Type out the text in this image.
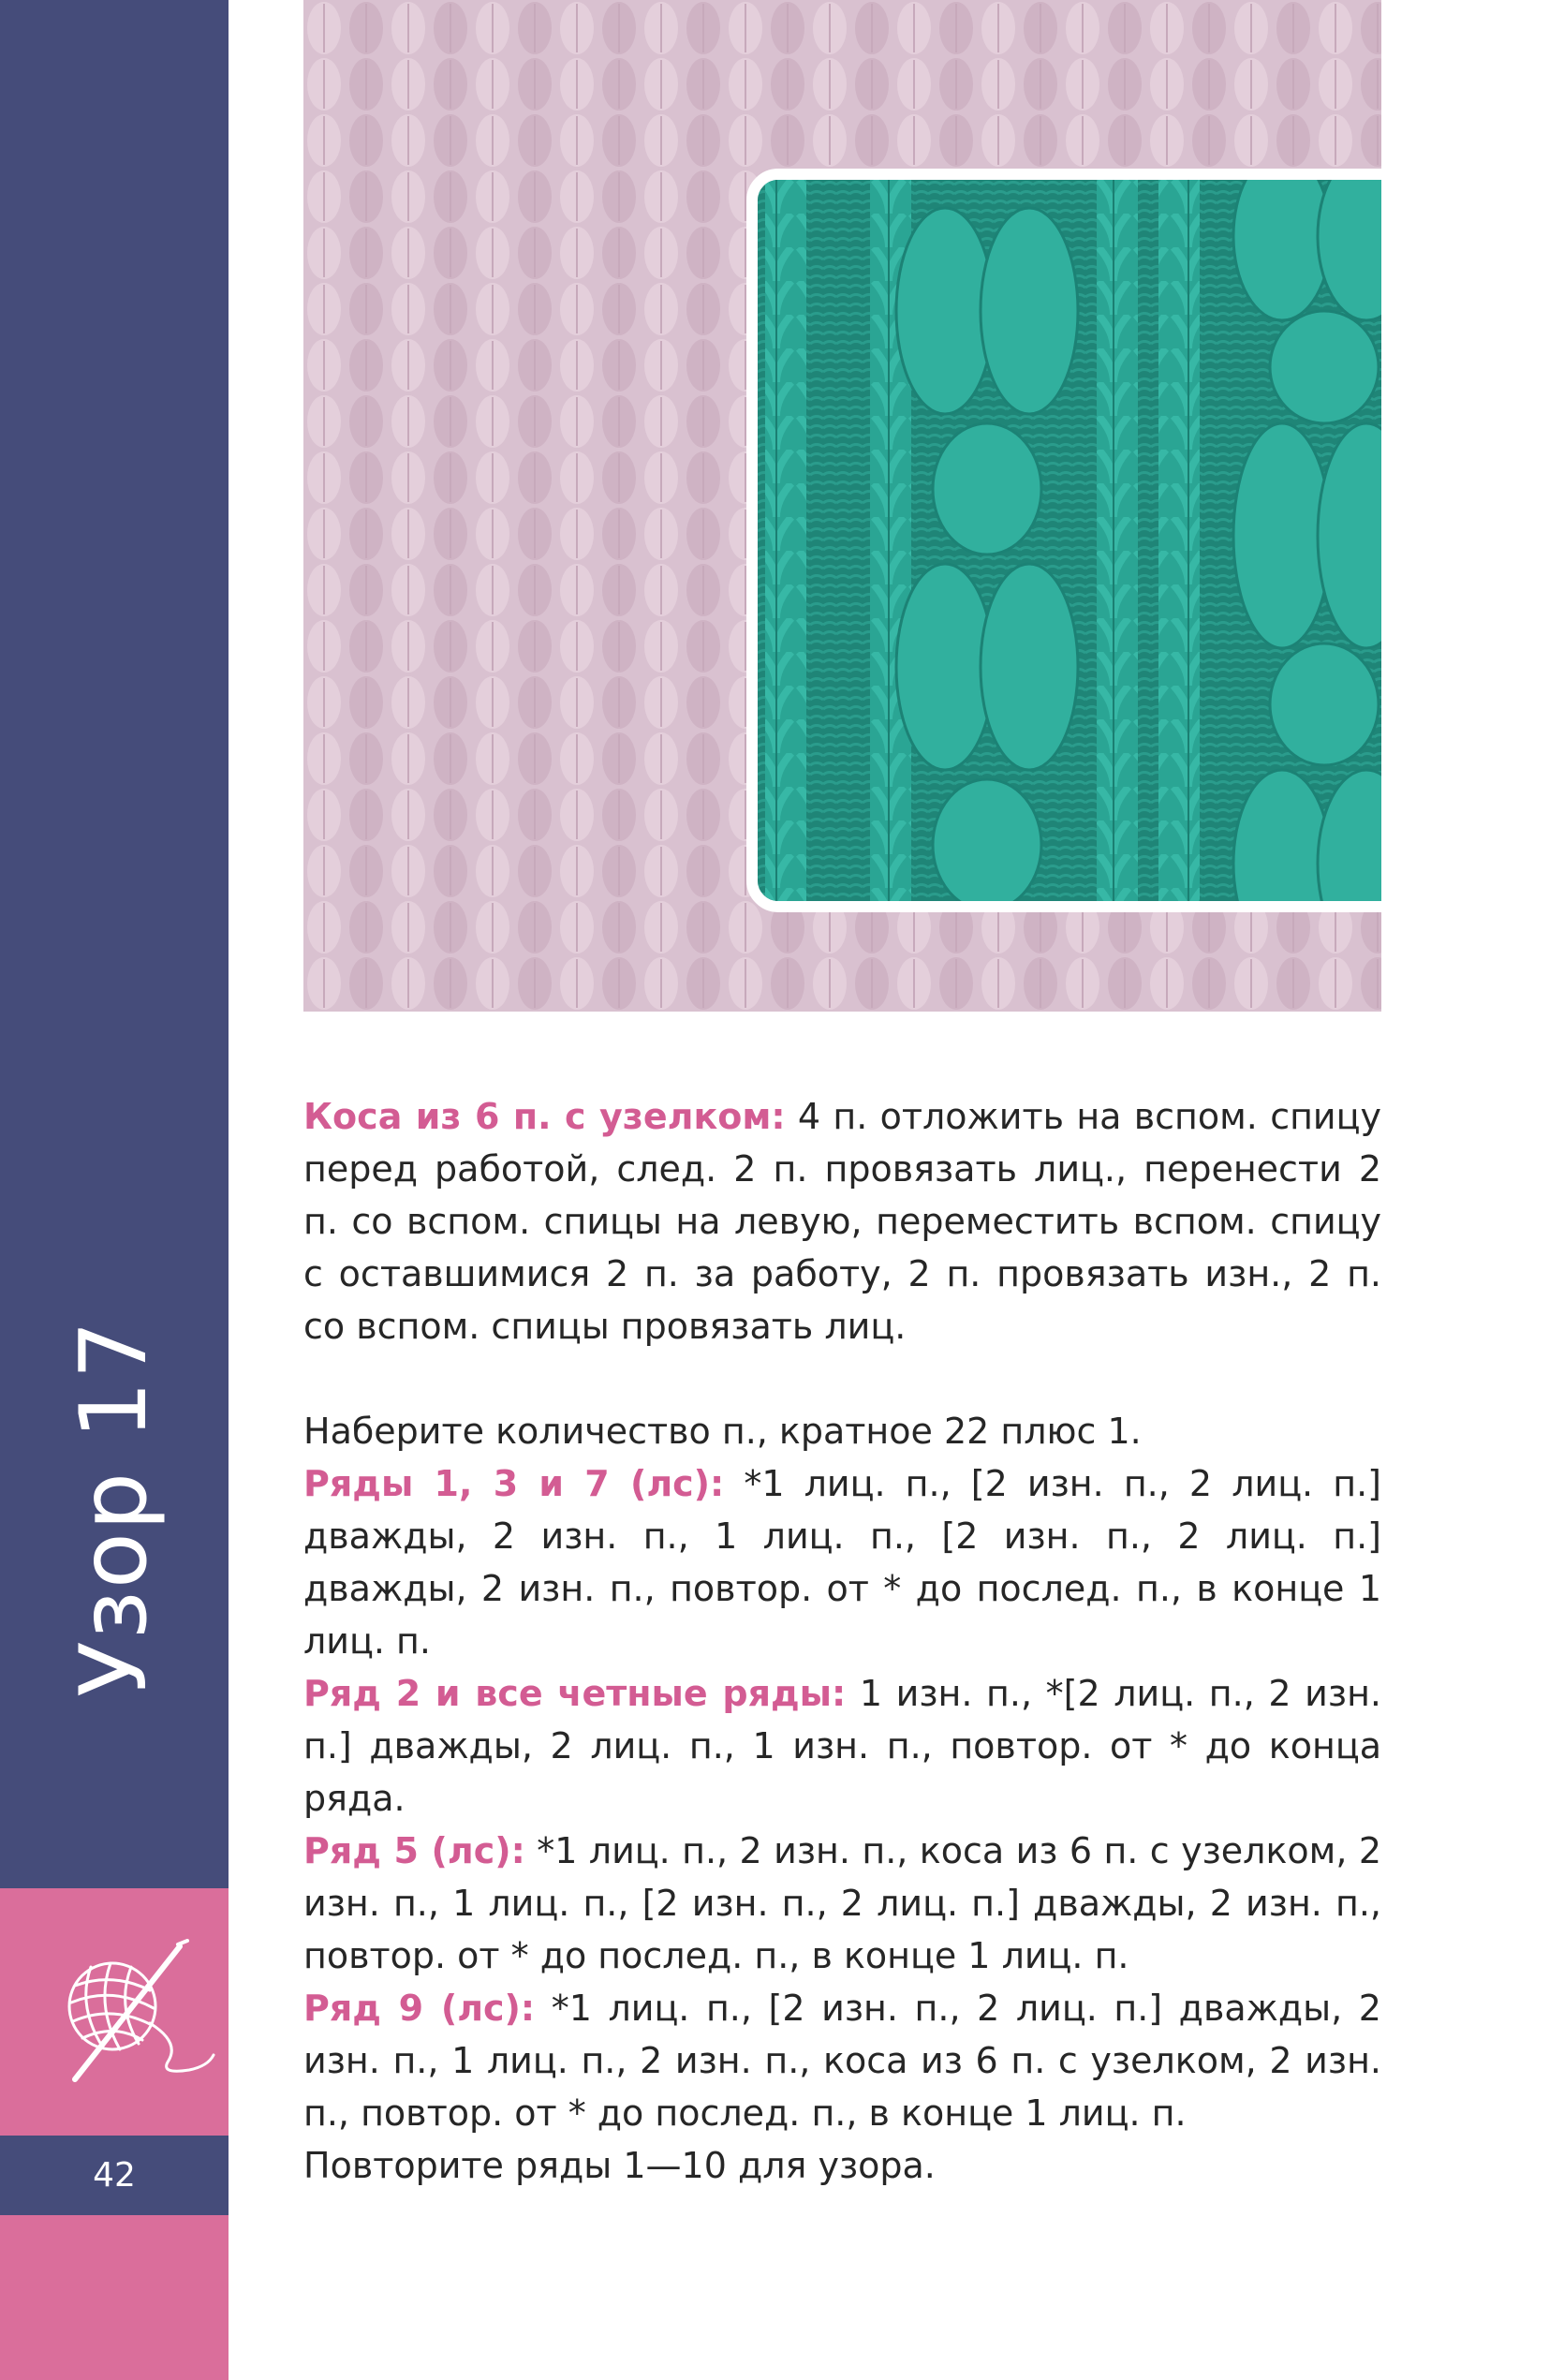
Узор 17
42

Коса из 6 п. с узелком: 4 п. отложить на вспом. спицу перед работой, след. 2 п. провязать лиц., перенести 2 п. со вспом. спицы на левую, переместить вспом. спицу с оставшимися 2 п. за работу, 2 п. провязать изн., 2 п. со вспом. спицы провязать лиц.

Наберите количество п., кратное 22 плюс 1.

Ряды 1, 3 и 7 (лс): *1 лиц. п., [2 изн. п., 2 лиц. п.] дважды, 2 изн. п., 1 лиц. п., [2 изн. п., 2 лиц. п.] дважды, 2 изн. п., повтор. от * до послед. п., в конце 1 лиц. п.

Ряд 2 и все четные ряды: 1 изн. п., *[2 лиц. п., 2 изн. п.] дважды, 2 лиц. п., 1 изн. п., повтор. от * до конца ряда.

Ряд 5 (лс): *1 лиц. п., 2 изн. п., коса из 6 п. с узелком, 2 изн. п., 1 лиц. п., [2 изн. п., 2 лиц. п.] дважды, 2 изн. п., повтор. от * до послед. п., в конце 1 лиц. п.

Ряд 9 (лс): *1 лиц. п., [2 изн. п., 2 лиц. п.] дважды, 2 изн. п., 1 лиц. п., 2 изн. п., коса из 6 п. с узелком, 2 изн. п., повтор. от * до послед. п., в конце 1 лиц. п.

Повторите ряды 1—10 для узора.
